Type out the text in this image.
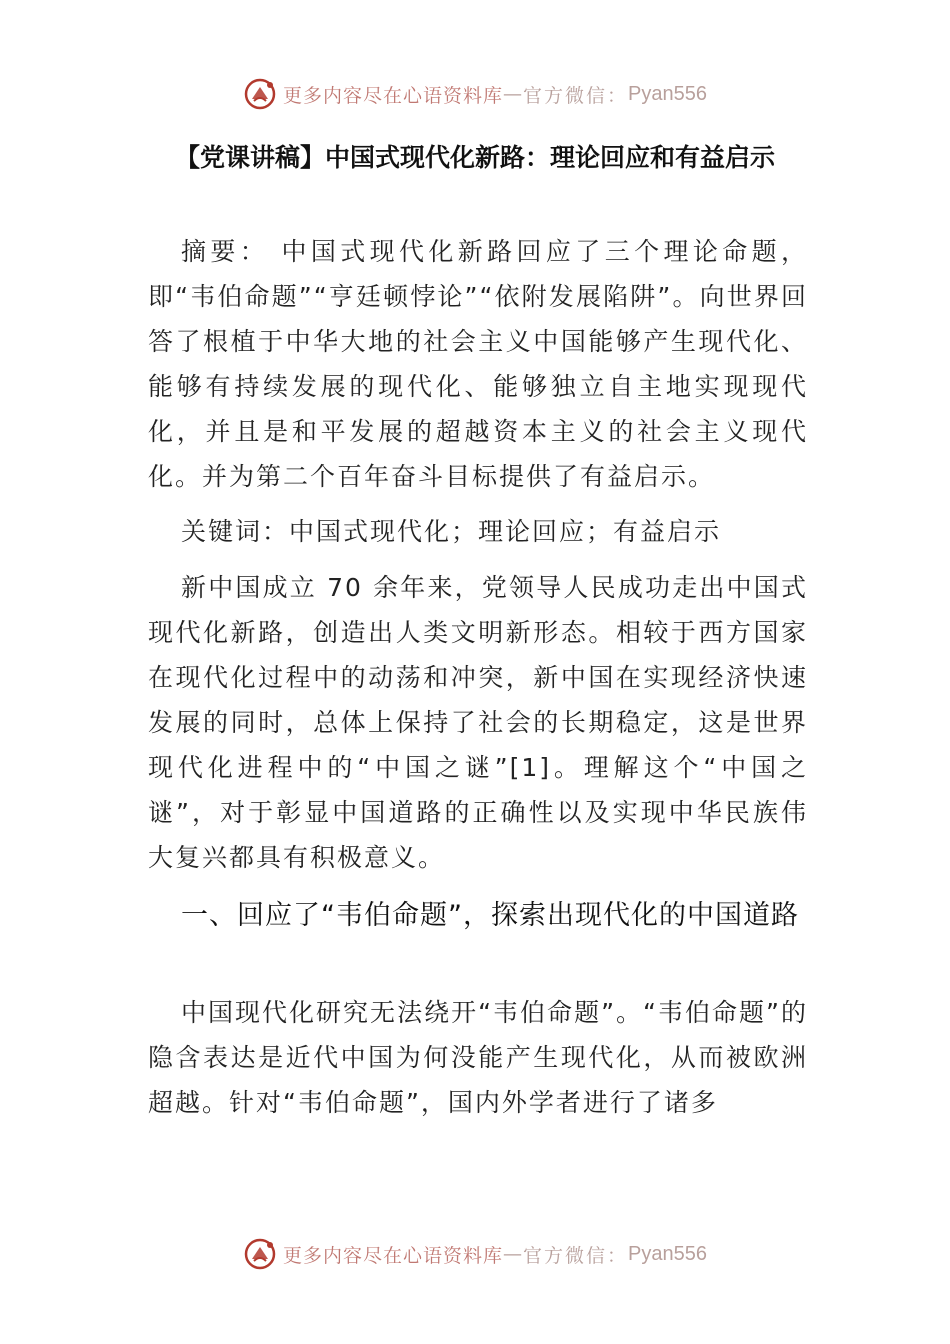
更多内容尽在心语资料库 — 官方微信： Pyan556
【党课讲稿】中国式现代化新路：理论回应和有益启示

摘要： 中国式现代化新路回应了三个理论命题，即“韦伯命题”“亨廷顿悖论”“依附发展陷阱”。向世界回答了根植于中华大地的社会主义中国能够产生现代化、能够有持续发展的现代化、能够独立自主地实现现代化，并且是和平发展的超越资本主义的社会主义现代化。并为第二个百年奋斗目标提供了有益启示。

关键词：中国式现代化；理论回应；有益启示

新中国成立 70 余年来，党领导人民成功走出中国式现代化新路，创造出人类文明新形态。相较于西方国家在现代化过程中的动荡和冲突，新中国在实现经济快速发展的同时，总体上保持了社会的长期稳定，这是世界现代化进程中的“中国之谜”[1]。理解这个“中国之谜”，对于彰显中国道路的正确性以及实现中华民族伟大复兴都具有积极意义。

一、回应了“韦伯命题”，探索出现代化的中国道路

中国现代化研究无法绕开“韦伯命题”。“韦伯命题”的隐含表达是近代中国为何没能产生现代化，从而被欧洲超越。针对“韦伯命题”，国内外学者进行了诸多

更多内容尽在心语资料库 — 官方微信： Pyan556
